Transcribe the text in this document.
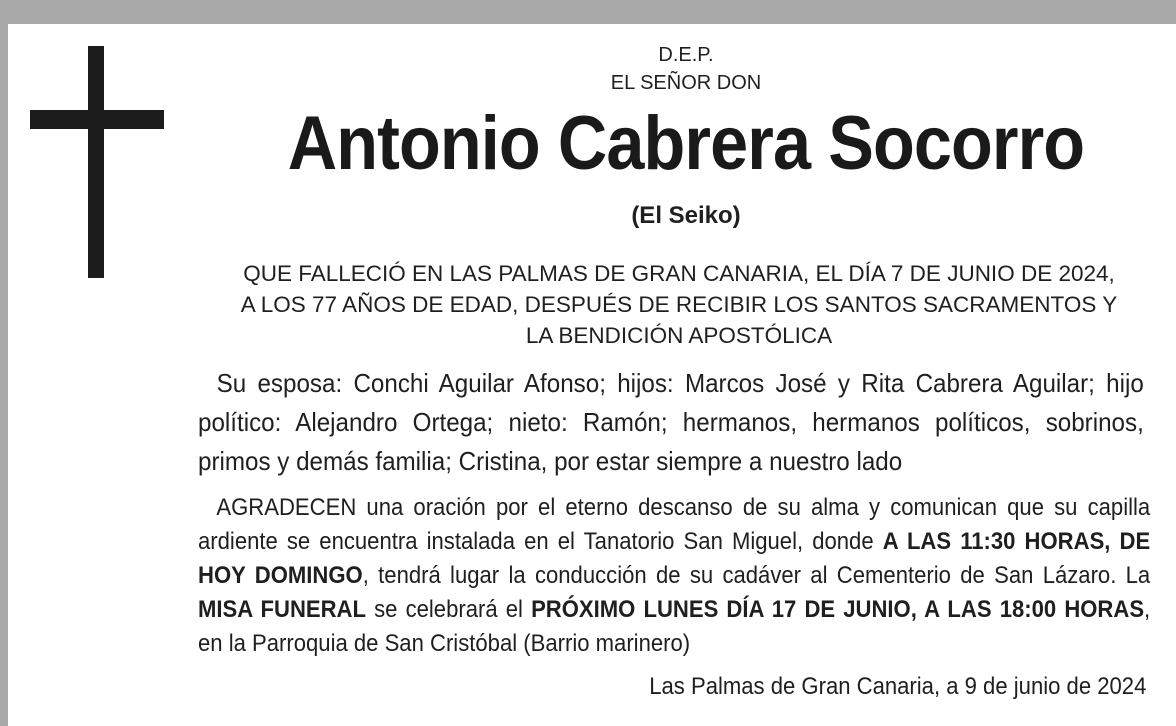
D.E.P.
EL SEÑOR DON
Antonio Cabrera Socorro
(El Seiko)
QUE FALLECIÓ EN LAS PALMAS DE GRAN CANARIA, EL DÍA 7 DE JUNIO DE 2024,
A LOS 77 AÑOS DE EDAD, DESPUÉS DE RECIBIR LOS SANTOS SACRAMENTOS Y
LA BENDICIÓN APOSTÓLICA
Su esposa: Conchi Aguilar Afonso; hijos: Marcos José y Rita Cabrera Aguilar; hijo político: Alejandro Ortega; nieto: Ramón; hermanos, hermanos políticos, sobrinos, primos y demás familia; Cristina, por estar siempre a nuestro lado
AGRADECEN una oración por el eterno descanso de su alma y comunican que su capilla ardiente se encuentra instalada en el Tanatorio San Miguel, donde A LAS 11:30 HORAS, DE HOY DOMINGO, tendrá lugar la conducción de su cadáver al Cementerio de San Lázaro. La MISA FUNERAL se celebrará el PRÓXIMO LUNES DÍA 17 DE JUNIO, A LAS 18:00 HORAS, en la Parroquia de San Cristóbal (Barrio marinero)
Las Palmas de Gran Canaria, a 9 de junio de 2024
